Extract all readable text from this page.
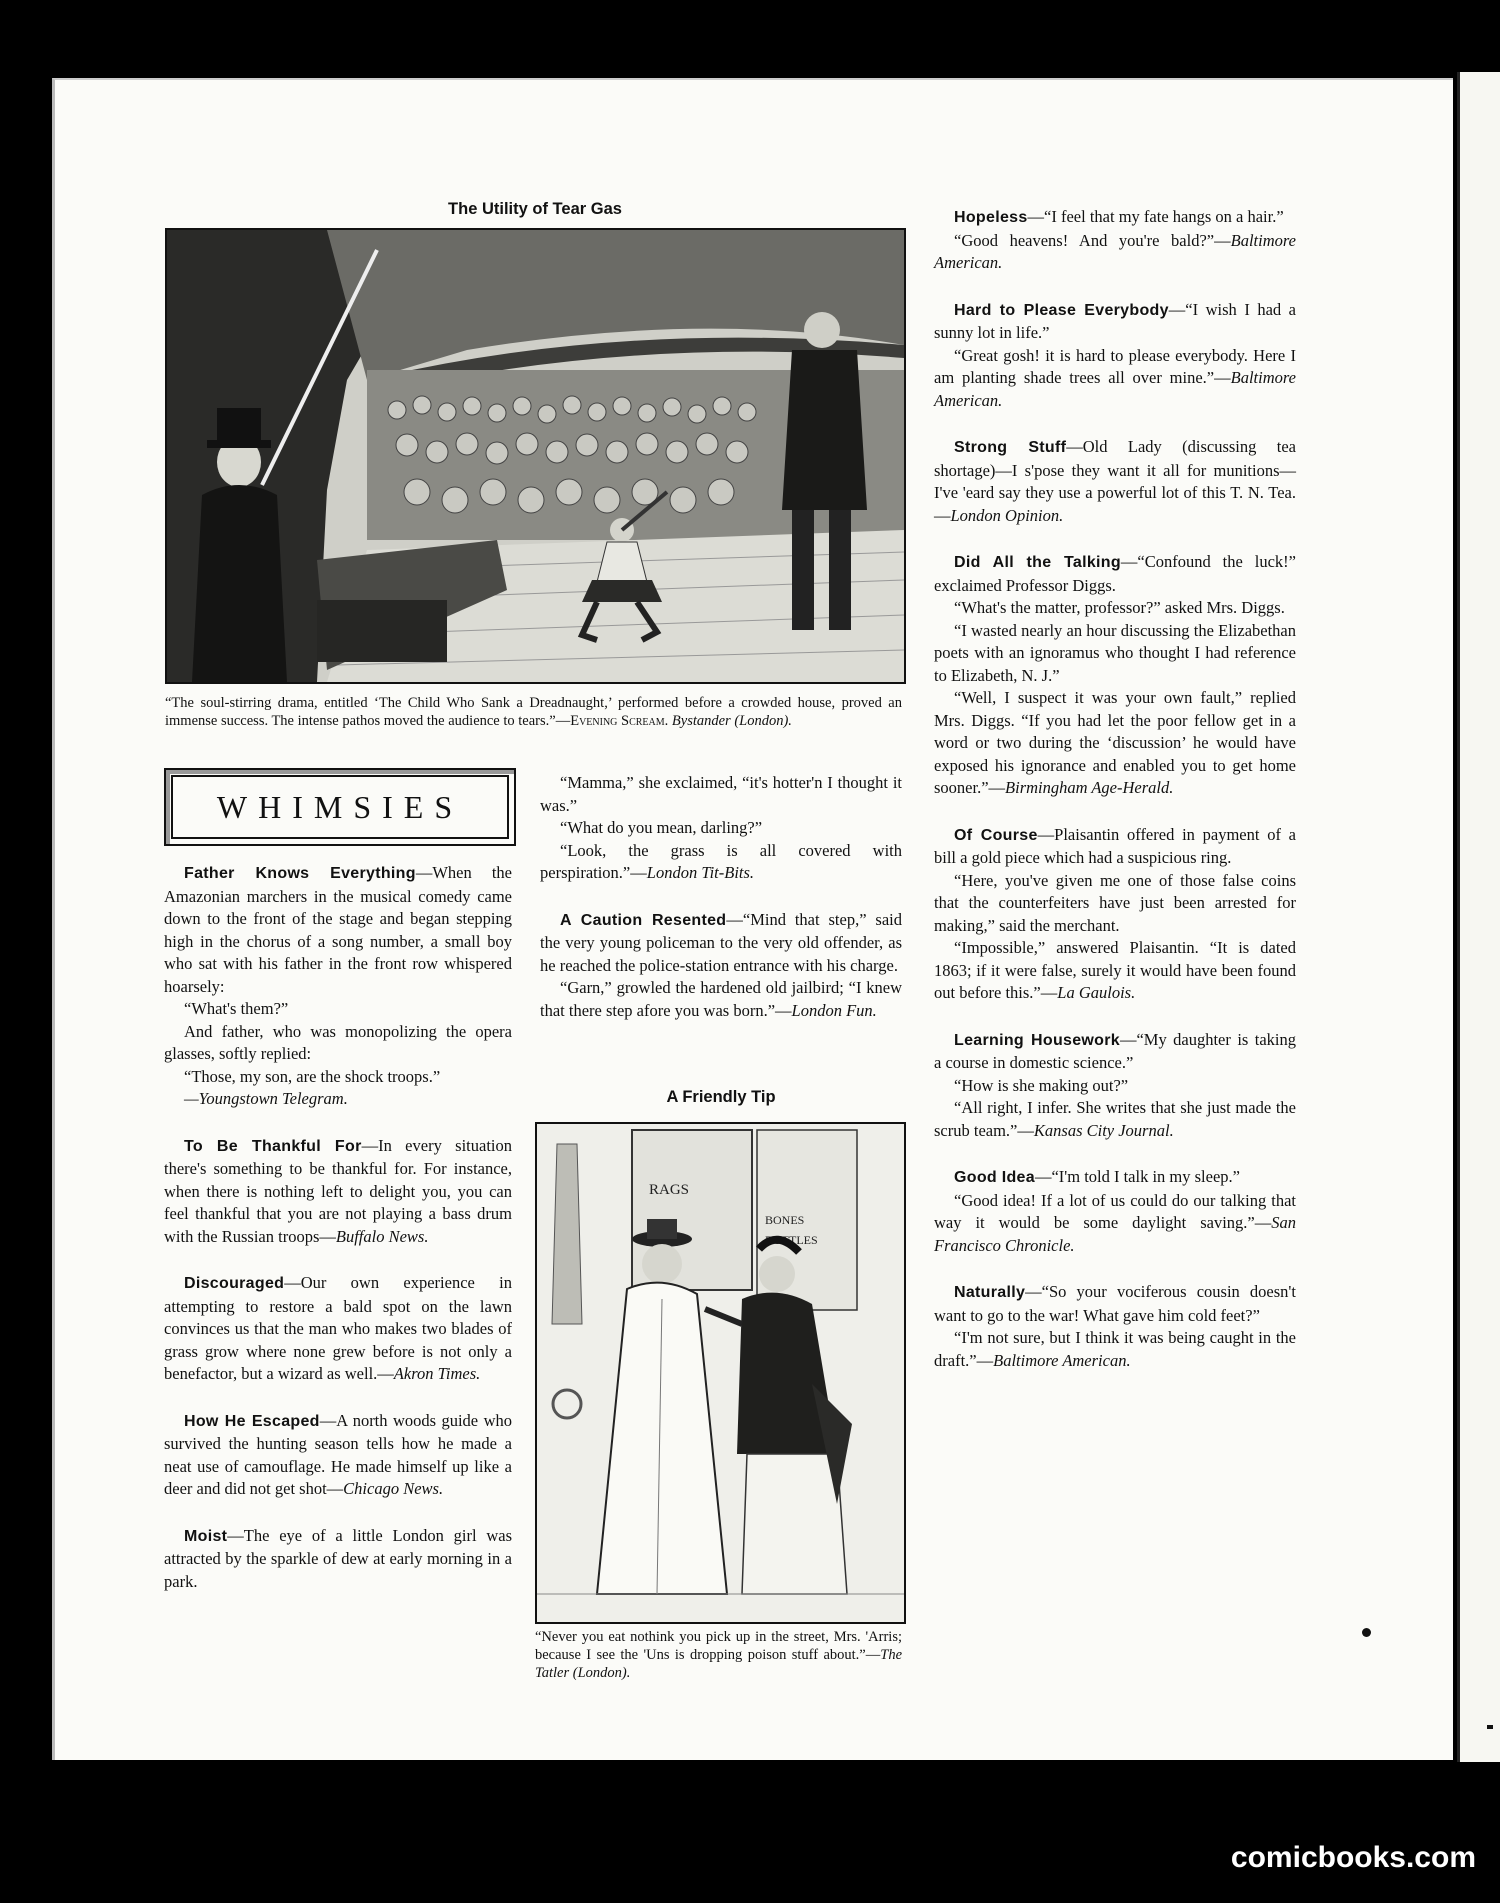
The Utility of Tear Gas
“The soul-stirring drama, entitled ‘The Child Who Sank a Dreadnaught,’ performed before a crowded house, proved an immense success. The intense pathos moved the audience to tears.”—Evening Scream. Bystander (London).
WHIMSIES

Father Knows Everything—When the Amazonian marchers in the musical comedy came down to the front of the stage and began stepping high in the chorus of a song number, a small boy who sat with his father in the front row whispered hoarsely:

“What's them?”

And father, who was monopolizing the opera glasses, softly replied:

“Those, my son, are the shock troops.”

—Youngstown Telegram.

To Be Thankful For—In every situation there's something to be thankful for. For instance, when there is nothing left to delight you, you can feel thankful that you are not playing a bass drum with the Russian troops—Buffalo News.

Discouraged—Our own experience in attempting to restore a bald spot on the lawn convinces us that the man who makes two blades of grass grow where none grew before is not only a benefactor, but a wizard as well.—Akron Times.

How He Escaped—A north woods guide who survived the hunting season tells how he made a neat use of camouflage. He made himself up like a deer and did not get shot—Chicago News.

Moist—The eye of a little London girl was attracted by the sparkle of dew at early morning in a park.

“Mamma,” she exclaimed, “it's hotter'n I thought it was.”

“What do you mean, darling?”

“Look, the grass is all covered with perspiration.”—London Tit-Bits.

A Caution Resented—“Mind that step,” said the very young policeman to the very old offender, as he reached the police-station entrance with his charge.

“Garn,” growled the hardened old jailbird; “I knew that there step afore you was born.”—London Fun.

A Friendly Tip
RAGS
BONES
BOTTLES
“Never you eat nothink you pick up in the street, Mrs. 'Arris; because I see the 'Uns is dropping poison stuff about.”—The Tatler (London).

Hopeless—“I feel that my fate hangs on a hair.”

“Good heavens! And you're bald?”—Baltimore American.

Hard to Please Everybody—“I wish I had a sunny lot in life.”

“Great gosh! it is hard to please everybody. Here I am planting shade trees all over mine.”—Baltimore American.

Strong Stuff—Old Lady (discussing tea shortage)—I s'pose they want it all for munitions—I've 'eard say they use a powerful lot of this T. N. Tea.—London Opinion.

Did All the Talking—“Confound the luck!” exclaimed Professor Diggs.

“What's the matter, professor?” asked Mrs. Diggs.

“I wasted nearly an hour discussing the Elizabethan poets with an ignoramus who thought I had reference to Elizabeth, N. J.”

“Well, I suspect it was your own fault,” replied Mrs. Diggs. “If you had let the poor fellow get in a word or two during the ‘discussion’ he would have exposed his ignorance and enabled you to get home sooner.”—Birmingham Age-Herald.

Of Course—Plaisantin offered in payment of a bill a gold piece which had a suspicious ring.

“Here, you've given me one of those false coins that the counterfeiters have just been arrested for making,” said the merchant.

“Impossible,” answered Plaisantin. “It is dated 1863; if it were false, surely it would have been found out before this.”—La Gaulois.

Learning Housework—“My daughter is taking a course in domestic science.”

“How is she making out?”

“All right, I infer. She writes that she just made the scrub team.”—Kansas City Journal.

Good Idea—“I'm told I talk in my sleep.”

“Good idea! If a lot of us could do our talking that way it would be some daylight saving.”—San Francisco Chronicle.

Naturally—“So your vociferous cousin doesn't want to go to the war! What gave him cold feet?”

“I'm not sure, but I think it was being caught in the draft.”—Baltimore American.

comicbooks.com
